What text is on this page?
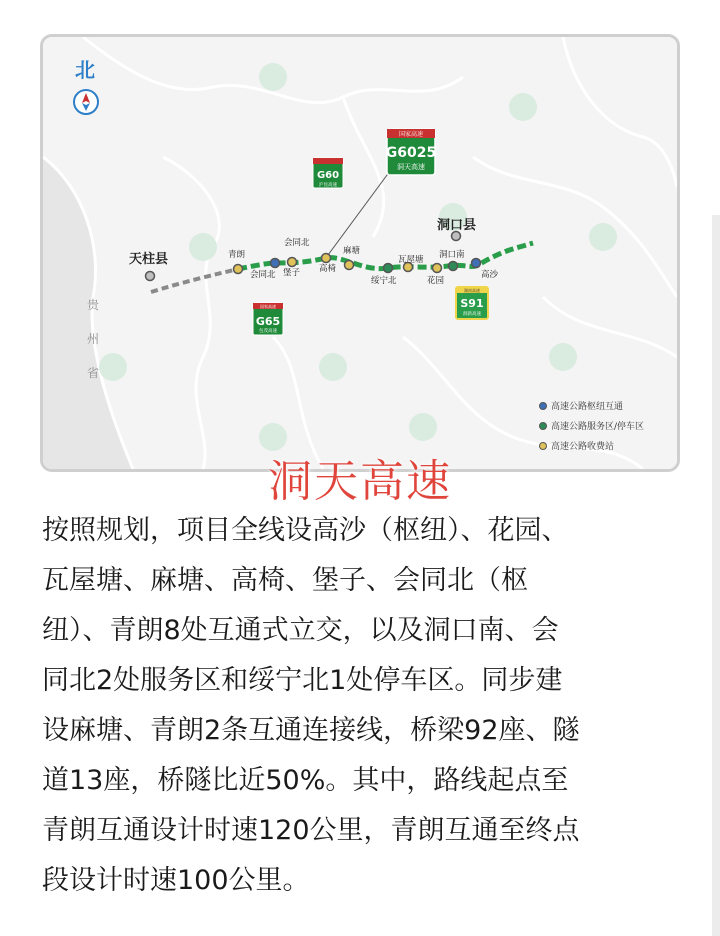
天柱县
洞口县
青朗
会同北
会同北 堡子 高椅
麻塘
绥宁北
瓦屋塘
花园
洞口南
高沙
贵
州
省
北
G60
沪昆高速
国家高速
G6025
洞天高速
国家高速
G65
包茂高速
湖南高速
S91
洞新高速
高速公路枢纽互通
高速公路服务区/停车区
高速公路收费站
洞天高速
按照规划，项目全线设高沙（枢纽）、花园、
瓦屋塘、麻塘、高椅、堡子、会同北（枢
纽）、青朗8处互通式立交，以及洞口南、会
同北2处服务区和绥宁北1处停车区。同步建
设麻塘、青朗2条互通连接线，桥梁92座、隧
道13座，桥隧比近50%。其中，路线起点至
青朗互通设计时速120公里，青朗互通至终点
段设计时速100公里。
